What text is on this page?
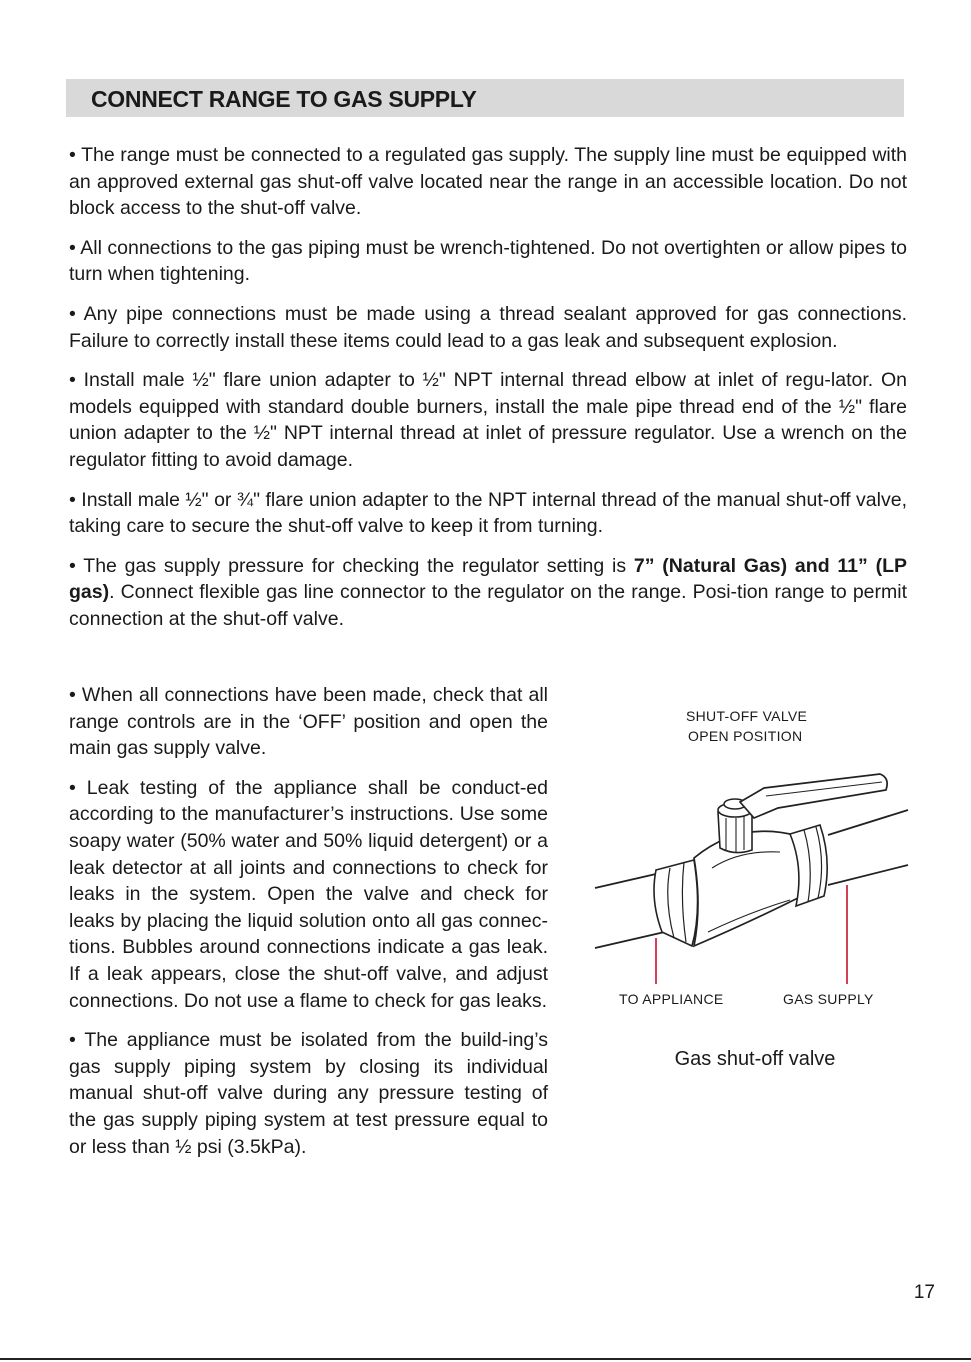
CONNECT RANGE TO GAS SUPPLY

• The range must be connected to a regulated gas supply. The supply line must be equipped with an approved external gas shut-off valve located near the range in an accessible location. Do not block access to the shut-off valve.

• All connections to the gas piping must be wrench-tightened. Do not overtighten or allow pipes to turn when tightening.

• Any pipe connections must be made using a thread sealant approved for gas connections. Failure to correctly install these items could lead to a gas leak and subsequent explosion.

• Install male ½" flare union adapter to ½" NPT internal thread elbow at inlet of regu-lator. On models equipped with standard double burners, install the male pipe thread end of the ½" flare union adapter to the ½" NPT internal thread at inlet of pressure regulator. Use a wrench on the regulator fitting to avoid damage.

• Install male ½" or ¾" flare union adapter to the NPT internal thread of the manual shut-off valve, taking care to secure the shut-off valve to keep it from turning.

• The gas supply pressure for checking the regulator setting is 7” (Natural Gas) and 11” (LP gas). Connect flexible gas line connector to the regulator on the range. Posi-tion range to permit connection at the shut-off valve.

• When all connections have been made, check that all range controls are in the ‘OFF’ position and open the main gas supply valve.

• Leak testing of the appliance shall be conduct-ed according to the manufacturer’s instructions. Use some soapy water (50% water and 50% liquid detergent) or a leak detector at all joints and connections to check for leaks in the system. Open the valve and check for leaks by placing the liquid solution onto all gas connec-tions. Bubbles around connections indicate a gas leak. If a leak appears, close the shut-off valve, and adjust connections. Do not use a flame to check for gas leaks.

• The appliance must be isolated from the build-ing’s gas supply piping system by closing its individual manual shut-off valve during any pressure testing of the gas supply piping system at test pressure equal to or less than ½ psi (3.5kPa).

SHUT-OFF VALVE

OPEN POSITION

TO APPLIANCE	GAS SUPPLY

Gas shut-off valve

17
